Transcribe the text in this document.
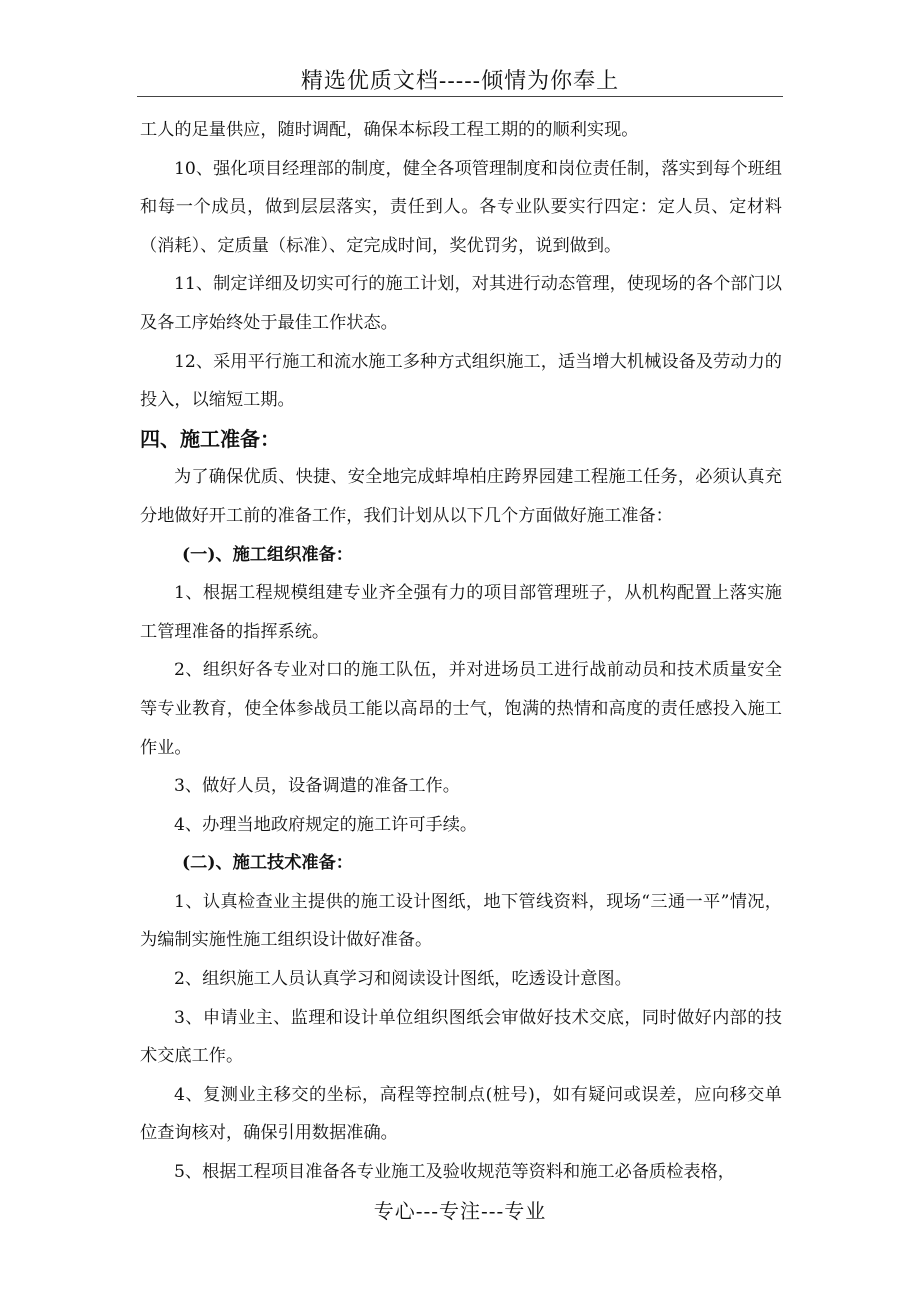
精选优质文档-----倾情为你奉上

工人的足量供应，随时调配，确保本标段工程工期的的顺利实现。

10、强化项目经理部的制度，健全各项管理制度和岗位责任制，落实到每个班组和每一个成员，做到层层落实，责任到人。各专业队要实行四定：定人员、定材料（消耗）、定质量（标准）、定完成时间，奖优罚劣，说到做到。

11、制定详细及切实可行的施工计划，对其进行动态管理，使现场的各个部门以及各工序始终处于最佳工作状态。

12、采用平行施工和流水施工多种方式组织施工，适当增大机械设备及劳动力的投入，以缩短工期。

四、施工准备：

为了确保优质、快捷、安全地完成蚌埠柏庄跨界园建工程施工任务，必须认真充分地做好开工前的准备工作，我们计划从以下几个方面做好施工准备：

(一)、施工组织准备：

1、根据工程规模组建专业齐全强有力的项目部管理班子，从机构配置上落实施工管理准备的指挥系统。

2、组织好各专业对口的施工队伍，并对进场员工进行战前动员和技术质量安全等专业教育，使全体参战员工能以高昂的士气，饱满的热情和高度的责任感投入施工作业。

3、做好人员，设备调遣的准备工作。

4、办理当地政府规定的施工许可手续。

(二)、施工技术准备：

1、认真检查业主提供的施工设计图纸，地下管线资料，现场“三通一平”情况，为编制实施性施工组织设计做好准备。

2、组织施工人员认真学习和阅读设计图纸，吃透设计意图。

3、申请业主、监理和设计单位组织图纸会审做好技术交底，同时做好内部的技术交底工作。

4、复测业主移交的坐标，高程等控制点(桩号)，如有疑问或误差，应向移交单位查询核对，确保引用数据准确。

5、根据工程项目准备各专业施工及验收规范等资料和施工必备质检表格，

专心---专注---专业
